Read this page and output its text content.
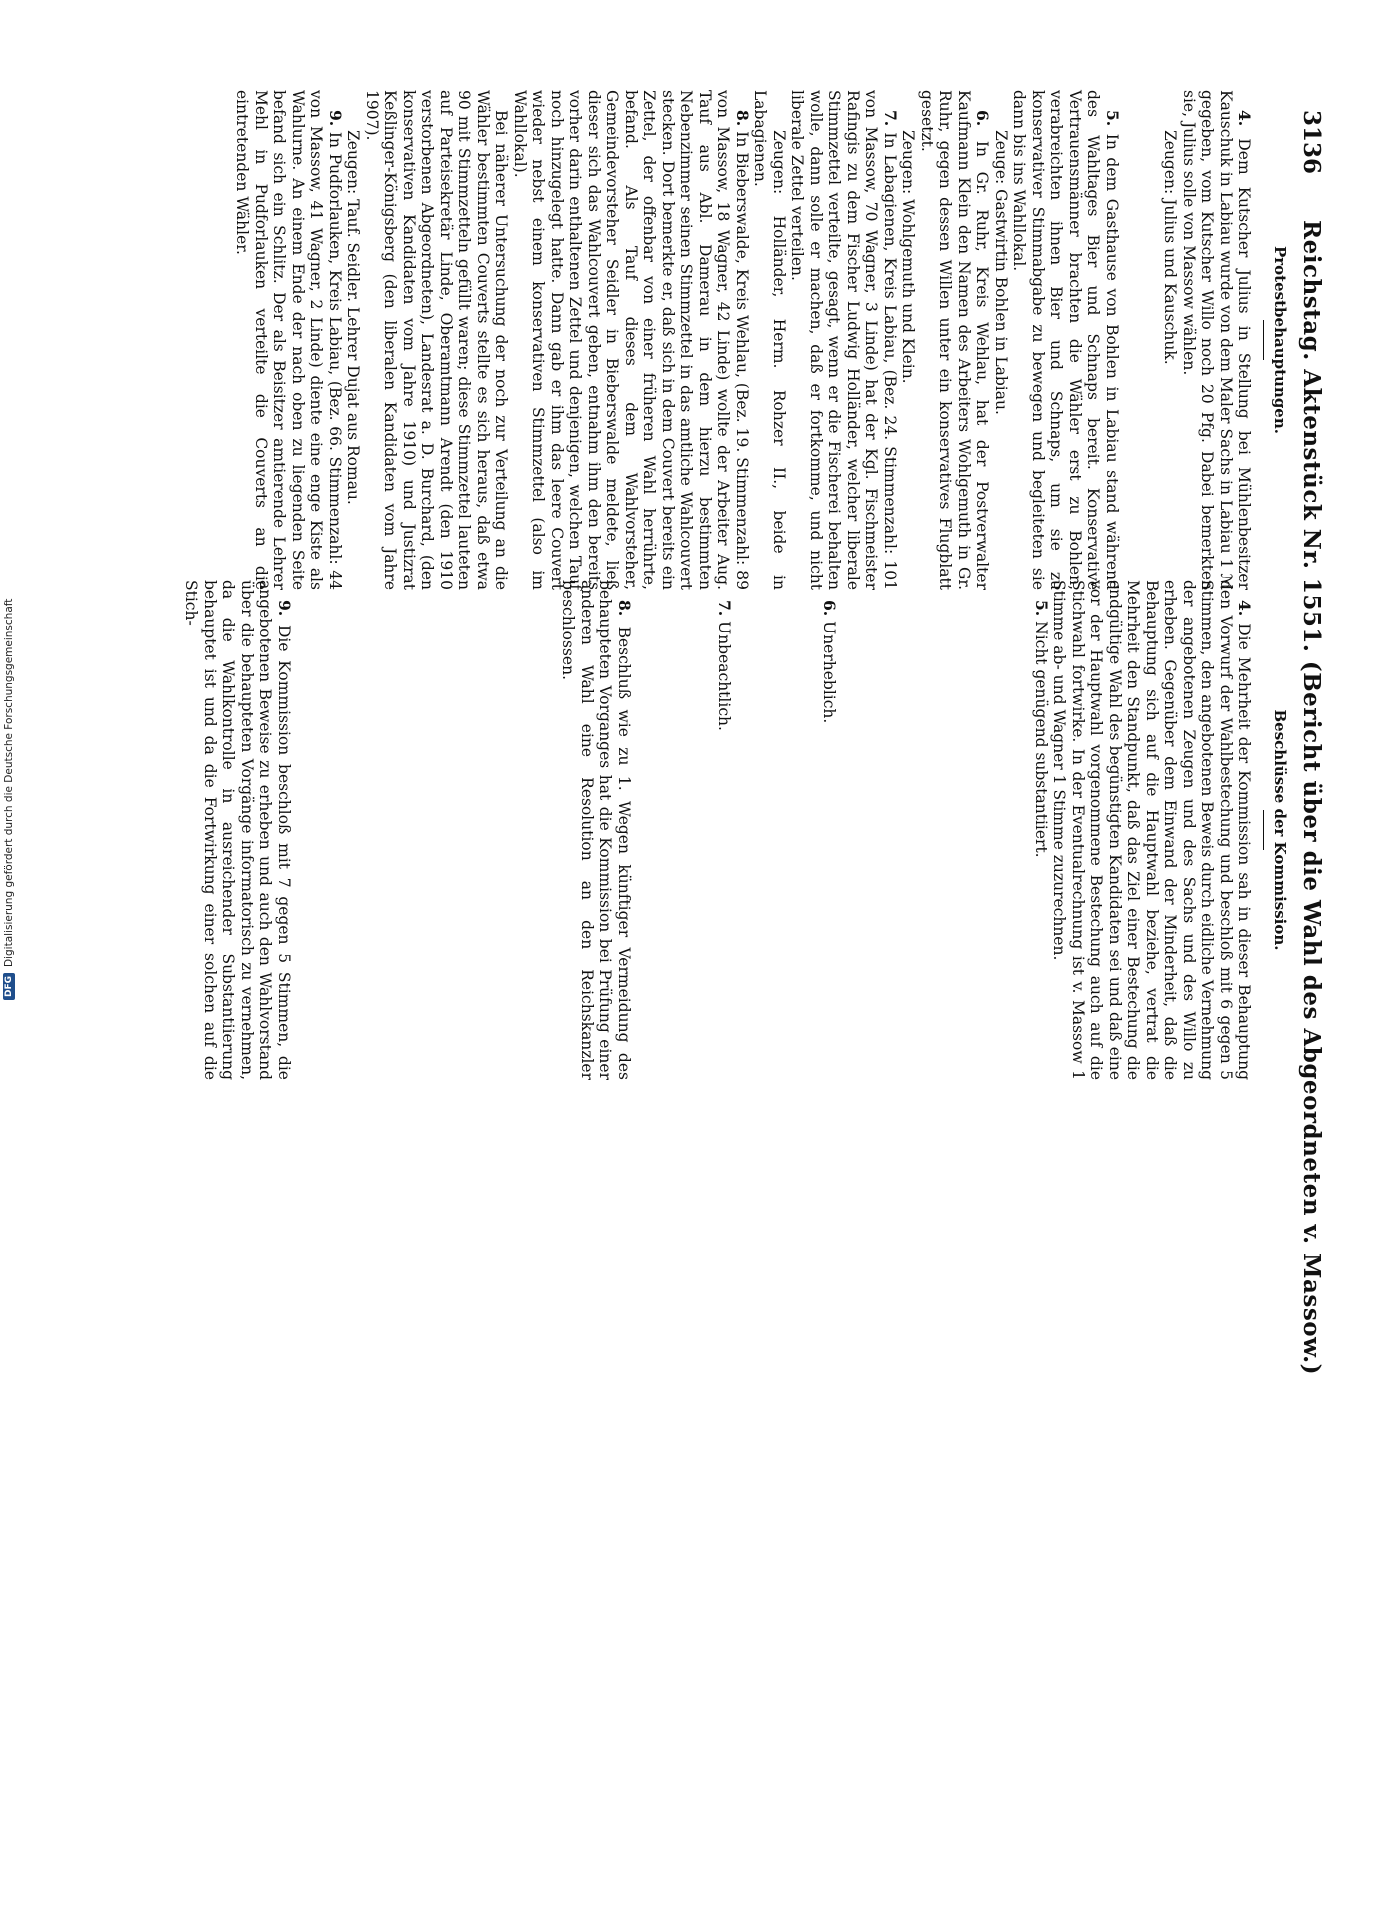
3136
Reichstag. Aktenstück Nr. 1551. (Bericht über die Wahl des Abgeordneten v. Massow.)
Protestbehauptungen.

4. Dem Kutscher Julius in Stellung bei Mühlenbesitzer Kauschuk in Labiau wurde von dem Maler Sachs in Labiau 1 ℳ gegeben, vom Kutscher Willo noch 20 Pfg. Dabei bemerkten sie, Julius solle von Massow wählen.

Zeugen: Julius und Kauschuk.

5. In dem Gasthause von Bohlen in Labiau stand während des Wahltages Bier und Schnaps bereit. Konservative Vertrauensmänner brachten die Wähler erst zu Bohlen, verabreichten ihnen Bier und Schnaps, um sie zu konservativer Stimmabgabe zu bewegen und begleiteten sie dann bis ins Wahllokal.

Zeuge: Gastwirtin Bohlen in Labiau.

6. In Gr. Ruhr, Kreis Wehlau, hat der Postverwalter Kaufmann Klein den Namen des Arbeiters Wohlgemuth in Gr. Ruhr, gegen dessen Willen unter ein konservatives Flugblatt gesetzt.

Zeugen: Wohlgemuth und Klein.

7. In Labagienen, Kreis Labiau, (Bez. 24. Stimmenzahl: 101 von Massow, 70 Wagner, 3 Linde) hat der Kgl. Fischmeister Rafingis zu dem Fischer Ludwig Holländer, welcher liberale Stimmzettel verteilte, gesagt, wenn er die Fischerei behalten wolle, dann solle er machen, daß er fortkomme, und nicht liberale Zettel verteilen.

Zeugen: Holländer, Herm. Rohzer II., beide in Labagienen.

8. In Bieberswalde, Kreis Wehlau, (Bez. 19. Stimmenzahl: 89 von Massow, 18 Wagner, 42 Linde) wollte der Arbeiter Aug. Tauf aus Abl. Damerau in dem hierzu bestimmten Nebenzimmer seinen Stimmzettel in das amtliche Wahlcouvert stecken. Dort bemerkte er, daß sich in dem Couvert bereits ein Zettel, der offenbar von einer früheren Wahl herrührte, befand. Als Tauf dieses dem Wahlvorsteher, Gemeindevorsteher Seidler in Bieberswalde meldete, ließ dieser sich das Wahlcouvert geben, entnahm ihm den bereits vorher darin enthaltenen Zettel und denjenigen, welchen Tauf noch hinzugelegt hatte. Dann gab er ihm das leere Couvert wieder nebst einem konservativen Stimmzettel (also im Wahllokal).

Bei näherer Untersuchung der noch zur Verteilung an die Wähler bestimmten Couverts stellte es sich heraus, daß etwa 90 mit Stimmzetteln gefüllt waren; diese Stimmzettel lauteten auf Parteisekretär Linde, Oberamtmann Arendt (den 1910 verstorbenen Abgeordneten), Landesrat a. D. Burchard, (den konservativen Kandidaten vom Jahre 1910) und Justizrat Keßlinger-Königsberg (den liberalen Kandidaten vom Jahre 1907).

Zeugen: Tauf. Seidler. Lehrer Dujat aus Romau.

9. In Pudforlauken, Kreis Labiau, (Bez. 66. Stimmenzahl: 44 von Massow, 41 Wagner, 2 Linde) diente eine enge Kiste als Wahlurne. An einem Ende der nach oben zu liegenden Seite befand sich ein Schlitz. Der als Beisitzer amtierende Lehrer Mehl in Pudforlauken verteilte die Couverts an die eintretenden Wähler.

Beschlüsse der Kommission.

4. Die Mehrheit der Kommission sah in dieser Behauptung den Vorwurf der Wahlbestechung und beschloß mit 6 gegen 5 Stimmen, den angebotenen Beweis durch eidliche Vernehmung der angebotenen Zeugen und des Sachs und des Willo zu erheben. Gegenüber dem Einwand der Minderheit, daß die Behauptung sich auf die Hauptwahl beziehe, vertrat die Mehrheit den Standpunkt, daß das Ziel einer Bestechung die endgültige Wahl des begünstigten Kandidaten sei und daß eine vor der Hauptwahl vorgenommene Bestechung auch auf die Stichwahl fortwirke. In der Eventualrechnung ist v. Massow 1 Stimme ab- und Wagner 1 Stimme zuzurechnen.

5. Nicht genügend substantiiert.

6. Unerheblich.

7. Unbeachtlich.

8. Beschluß wie zu 1. Wegen künftiger Vermeidung des behaupteten Vorganges hat die Kommission bei Prüfung einer anderen Wahl eine Resolution an den Reichskanzler beschlossen.

9. Die Kommission beschloß mit 7 gegen 5 Stimmen, die angebotenen Beweise zu erheben und auch den Wahlvorstand über die behaupteten Vorgänge informatorisch zu vernehmen, da die Wahlkontrolle in ausreichender Substantiierung behauptet ist und da die Fortwirkung einer solchen auf die Stich-

DFG
Digitalisierung gefördert durch die Deutsche Forschungsgemeinschaft
